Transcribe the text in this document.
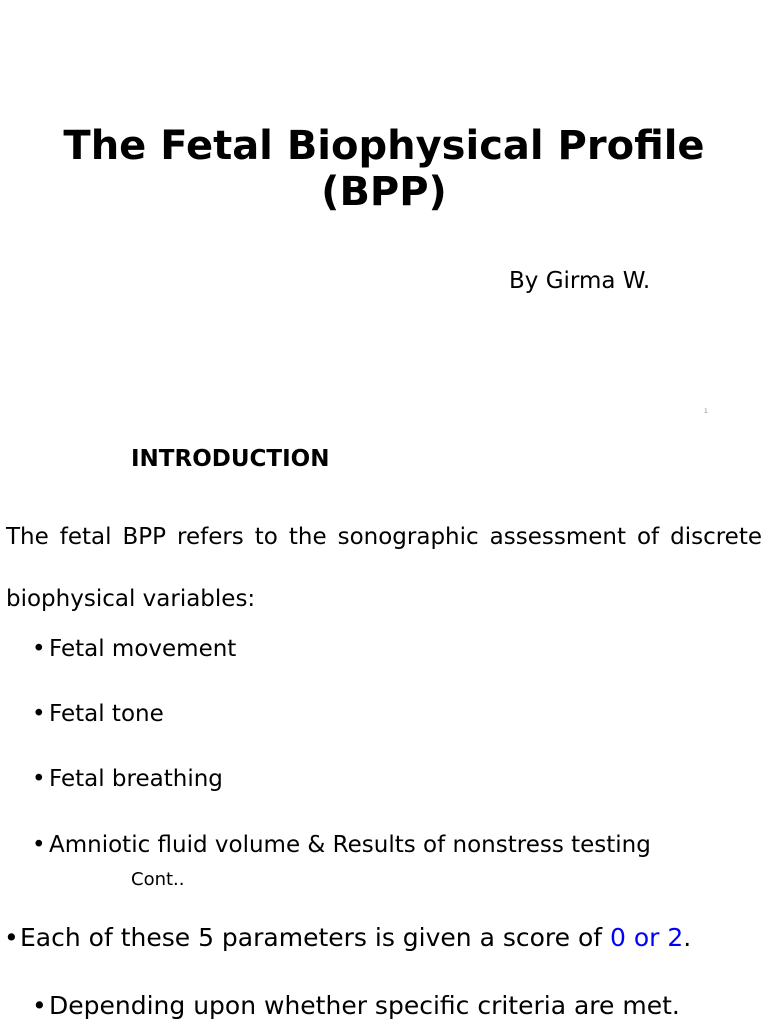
The Fetal Biophysical Profile
(BPP)
By Girma W.
1
INTRODUCTION

The fetal BPP refers to the sonographic assessment of discrete biophysical variables:

• Fetal movement
• Fetal tone
• Fetal breathing
• Amniotic fluid volume & Results of nonstress testing
Cont..
•Each of these 5 parameters is given a score of 0 or 2.
•Depending upon whether specific criteria are met.
